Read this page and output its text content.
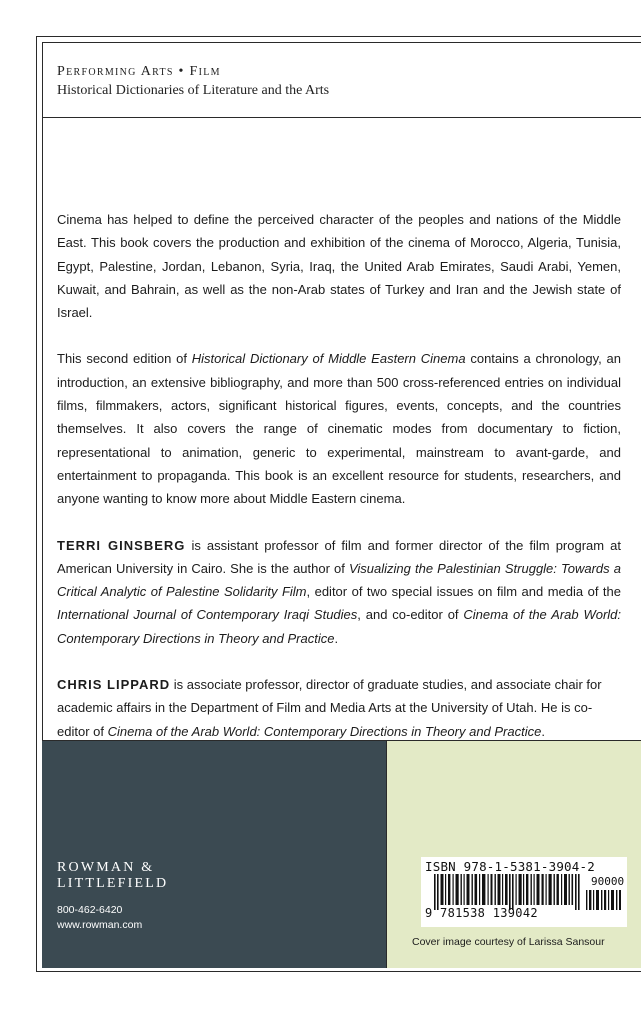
Performing Arts • Film
Historical Dictionaries of Literature and the Arts

Cinema has helped to define the perceived character of the peoples and nations of the Middle East. This book covers the production and exhibition of the cinema of Morocco, Algeria, Tunisia, Egypt, Palestine, Jordan, Lebanon, Syria, Iraq, the United Arab Emirates, Saudi Arabi, Yemen, Kuwait, and Bahrain, as well as the non-Arab states of Turkey and Iran and the Jewish state of Israel.

This second edition of Historical Dictionary of Middle Eastern Cinema contains a chronology, an introduction, an extensive bibliography, and more than 500 cross-referenced entries on individual films, filmmakers, actors, significant historical figures, events, concepts, and the countries themselves. It also covers the range of cinematic modes from documentary to fiction, representational to animation, generic to experimental, mainstream to avant-garde, and entertainment to propaganda. This book is an excellent resource for students, researchers, and anyone wanting to know more about Middle Eastern cinema.

TERRI GINSBERG is assistant professor of film and former director of the film program at American University in Cairo. She is the author of Visualizing the Palestinian Struggle: Towards a Critical Analytic of Palestine Solidarity Film, editor of two special issues on film and media of the International Journal of Contemporary Iraqi Studies, and co-editor of Cinema of the Arab World: Contemporary Directions in Theory and Practice.

CHRIS LIPPARD is associate professor, director of graduate studies, and associate chair for academic affairs in the Department of Film and Media Arts at the University of Utah. He is co-editor of Cinema of the Arab World: Contemporary Directions in Theory and Practice.

ROWMAN &
LITTLEFIELD
800-462-6420
www.rowman.com
ISBN 978-1-5381-3904-2
90000
9 781538 139042
Cover image courtesy of Larissa Sansour
